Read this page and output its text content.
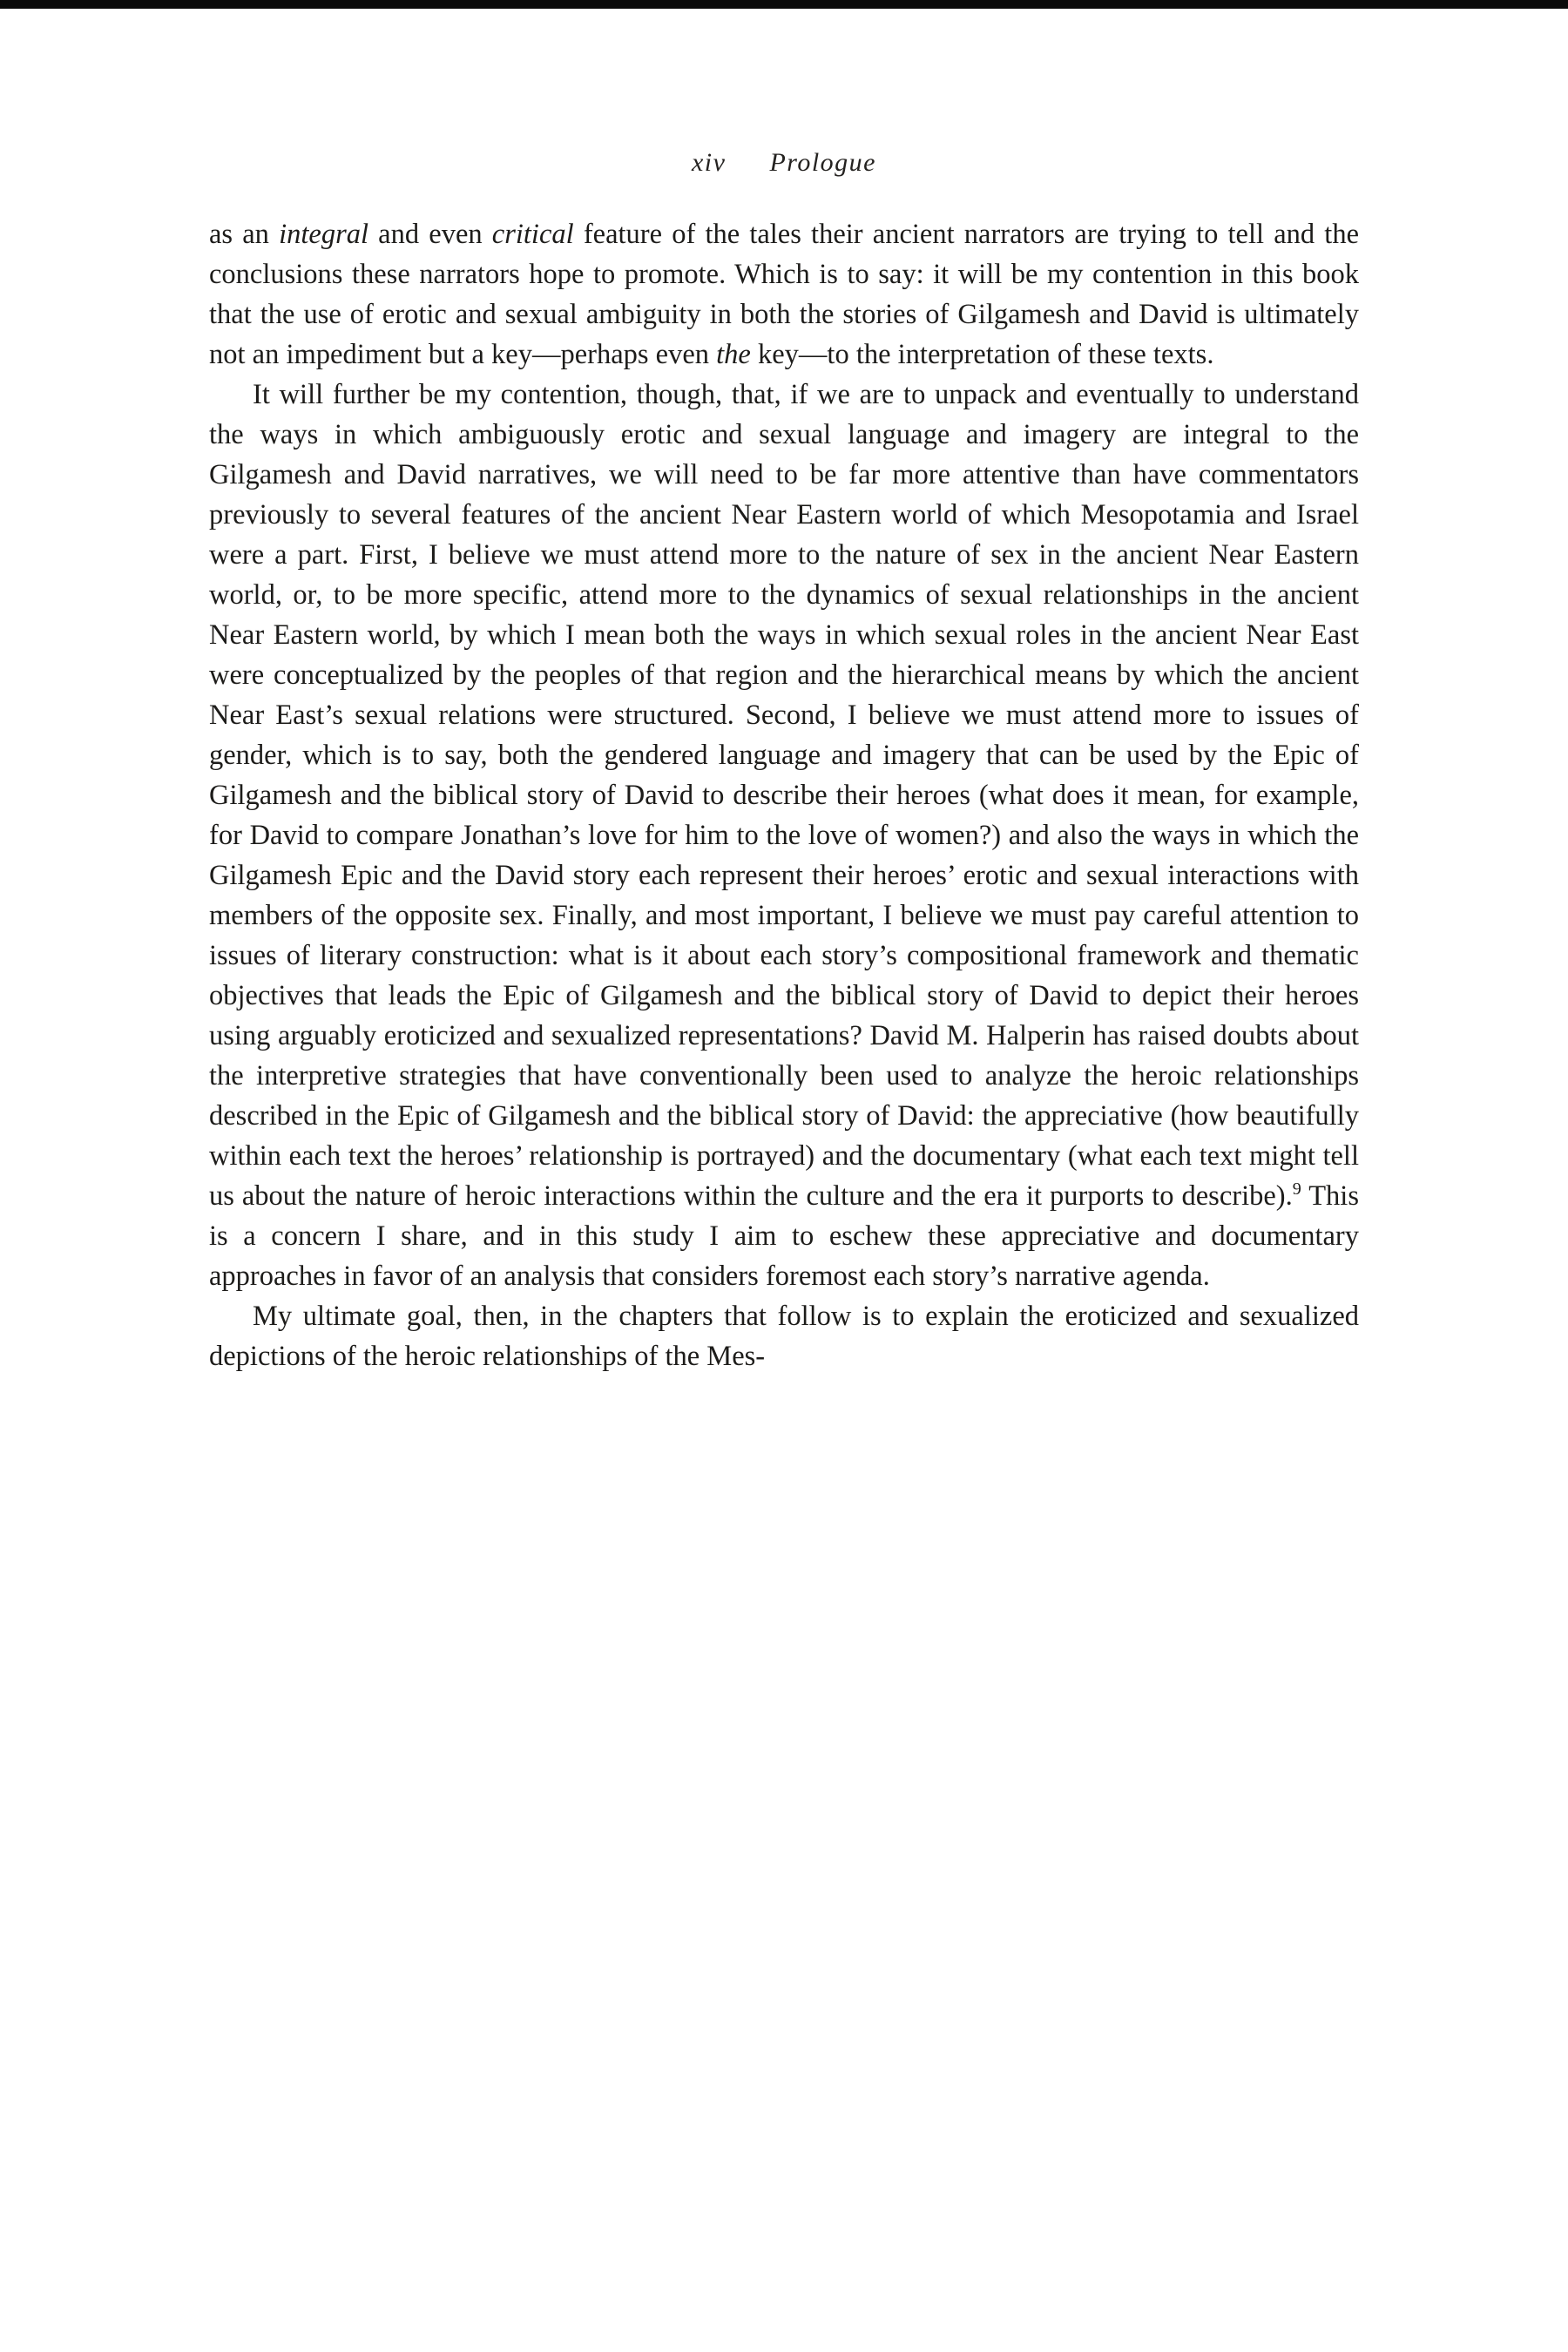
xiv Prologue

as an integral and even critical feature of the tales their ancient narrators are trying to tell and the conclusions these narrators hope to promote. Which is to say: it will be my contention in this book that the use of erotic and sexual ambiguity in both the stories of Gilgamesh and David is ultimately not an impediment but a key—perhaps even the key—to the interpretation of these texts.

It will further be my contention, though, that, if we are to unpack and eventually to understand the ways in which ambiguously erotic and sexual language and imagery are integral to the Gilgamesh and David narratives, we will need to be far more attentive than have commentators previously to several features of the ancient Near Eastern world of which Mesopotamia and Israel were a part. First, I believe we must attend more to the nature of sex in the ancient Near Eastern world, or, to be more specific, attend more to the dynamics of sexual relationships in the ancient Near Eastern world, by which I mean both the ways in which sexual roles in the ancient Near East were conceptualized by the peoples of that region and the hierarchical means by which the ancient Near East’s sexual relations were structured. Second, I believe we must attend more to issues of gender, which is to say, both the gendered language and imagery that can be used by the Epic of Gilgamesh and the biblical story of David to describe their heroes (what does it mean, for example, for David to compare Jonathan’s love for him to the love of women?) and also the ways in which the Gilgamesh Epic and the David story each represent their heroes’ erotic and sexual interactions with members of the opposite sex. Finally, and most important, I believe we must pay careful attention to issues of literary construction: what is it about each story’s compositional framework and thematic objectives that leads the Epic of Gilgamesh and the biblical story of David to depict their heroes using arguably eroticized and sexualized representations? David M. Halperin has raised doubts about the interpretive strategies that have conventionally been used to analyze the heroic relationships described in the Epic of Gilgamesh and the biblical story of David: the appreciative (how beautifully within each text the heroes’ relationship is portrayed) and the documentary (what each text might tell us about the nature of heroic interactions within the culture and the era it purports to describe).$^9$ This is a concern I share, and in this study I aim to eschew these appreciative and documentary approaches in favor of an analysis that considers foremost each story’s narrative agenda.

My ultimate goal, then, in the chapters that follow is to explain the eroticized and sexualized depictions of the heroic relationships of the Mes-
